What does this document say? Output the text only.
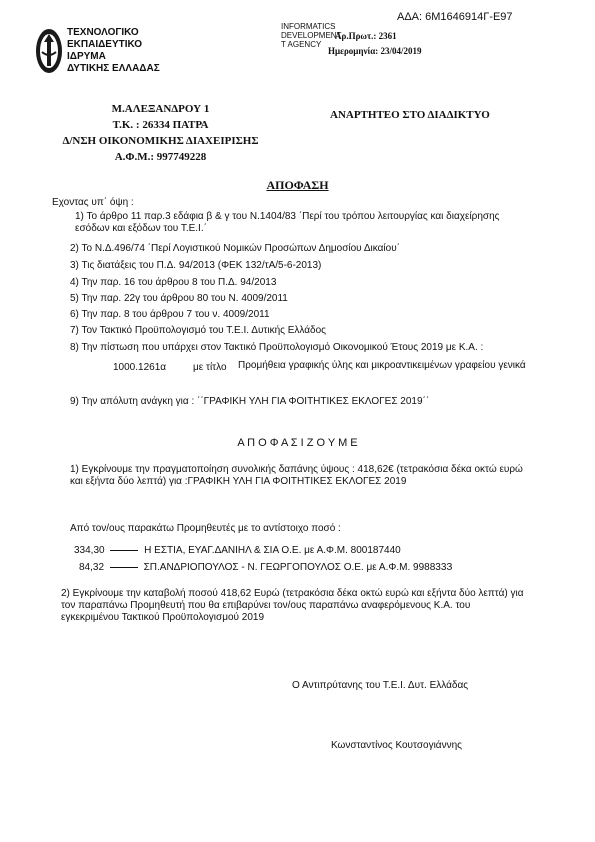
ΑΔΑ: 6Μ1646914Γ-Ε97
ΤΕΧΝΟΛΟΓΙΚΟ
ΕΚΠΑΙΔΕΥΤΙΚΟ
ΙΔΡΥΜΑ
ΔΥΤΙΚΗΣ ΕΛΛΑΔΑΣ
INFORMATICS
DEVELOPMENT
T AGENCY
Αρ.Πρωτ.: 2361
Ημερομηνία: 23/04/2019
Μ.ΑΛΕΞΑΝΔΡΟΥ 1
Τ.Κ. : 26334 ΠΑΤΡΑ
Δ/ΝΣΗ ΟΙΚΟΝΟΜΙΚΗΣ ΔΙΑΧΕΙΡΙΣΗΣ
Α.Φ.Μ.: 997749228
ΑΝΑΡΤΗΤΕΟ ΣΤΟ ΔΙΑΔΙΚΤΥΟ
ΑΠΟΦΑΣΗ
Εχοντας υπ΄ όψη :
1) Το άρθρο 11 παρ.3 εδάφια β & γ του Ν.1404/83 ΄Περί του τρόπου λειτουργίας και διαχείρησης εσόδων και εξόδων του Τ.Ε.Ι.΄
2) Το Ν.Δ.496/74 ΄Περί Λογιστικού Νομικών Προσώπων Δημοσίου Δικαίου΄
3) Τις διατάξεις του Π.Δ. 94/2013 (ΦΕΚ 132/τΑ/5-6-2013)
4) Την παρ. 16 του άρθρου 8 του Π.Δ. 94/2013
5) Την παρ. 22γ του άρθρου 80 του Ν. 4009/2011
6) Την παρ. 8 του άρθρου 7 του ν. 4009/2011
7) Τον Τακτικό Προϋπολογισμό του Τ.Ε.Ι. Δυτικής Ελλάδος
8) Την πίστωση που υπάρχει στον Τακτικό Προϋπολογισμό Οικονομικού Έτους 2019 με Κ.Α. :
1000.1261α	με τίτλο Προμήθεια γραφικής ύλης και μικροαντικειμένων γραφείου γενικά
9) Την απόλυτη ανάγκη για : ΄΄ΓΡΑΦΙΚΗ ΥΛΗ ΓΙΑ ΦΟΙΤΗΤΙΚΕΣ ΕΚΛΟΓΕΣ 2019΄΄
Α Π Ο Φ Α Σ Ι Ζ Ο Υ Μ Ε
1) Εγκρίνουμε την πραγματοποίηση συνολικής δαπάνης ύψους : 418,62€ (τετρακόσια δέκα οκτώ ευρώ και εξήντα δύο λεπτά) για :ΓΡΑΦΙΚΗ ΥΛΗ ΓΙΑ ΦΟΙΤΗΤΙΚΕΣ ΕΚΛΟΓΕΣ 2019
Από τον/ους παρακάτω Προμηθευτές με το αντίστοιχο ποσό :
334,30	Η ΕΣΤΙΑ, ΕΥΑΓ.ΔΑΝΙΗΛ & ΣΙΑ Ο.Ε. με Α.Φ.Μ. 800187440
84,32	ΣΠ.ΑΝΔΡΙΟΠΟΥΛΟΣ - Ν. ΓΕΩΡΓΟΠΟΥΛΟΣ Ο.Ε. με Α.Φ.Μ. 998833З
2) Εγκρίνουμε την καταβολή ποσού 418,62 Ευρώ (τετρακόσια δέκα οκτώ ευρώ και εξήντα δύο λεπτά) για τον παραπάνω Προμηθευτή που θα επιβαρύνει τον/ους παραπάνω αναφερόμενους Κ.Α. του εγκεκριμένου Τακτικού Προϋπολογισμού 2019
Ο Αντιπρύτανης του Τ.Ε.Ι. Δυτ. Ελλάδας
Κωνσταντίνος Κουτσογιάννης
